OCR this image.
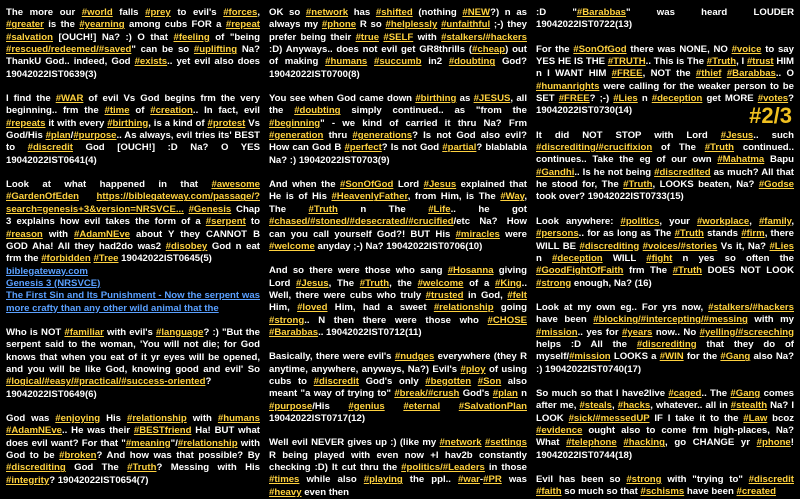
The more our #world falls #prey to evil's #forces, #greater is the #yearning among cubs FOR a #repeat #salvation [OUCH!] Na? :) O that #feeling of "being #rescued/redeemed/#saved" can be so #uplifting Na? ThankU God.. indeed, God #exists.. yet evil also does 19042022IST0639(3)

I find the #WAR of evil Vs God begins frm the very beginning.. frm the #time of #creation.. In fact, evil #repeats it with every #birthing, is a kind of #protest Vs God/His #plan/#purpose.. As always, evil tries its' BEST to #discredit God [OUCH!] :D Na? O YES 19042022IST0641(4)

Look at what happened in that #awesome #GardenOfEden https://biblegateway.com/passage/?search=genesis+3&version=NRSVCE... #Genesis Chap 3 explains how evil takes the form of a #serpent to #reason with #AdamNEve about Y they CANNOT B GOD Aha! All they had2do was2 #disobey God n eat frm the #forbidden #Tree 19042022IST0645(5)
biblegateway.com
Genesis 3 (NRSVCE)
The First Sin and Its Punishment - Now the serpent was more crafty than any other wild animal that the

Who is NOT #familiar with evil's #language? :) "But the serpent said to the woman, 'You will not die; for God knows that when you eat of it yr eyes will be opened, and you will be like God, knowing good and evil' So #logical/#easy/#practical/#success-oriented? 19042022IST0649(6)

God was #enjoying His #relationship with #humans #AdamNEve.. He was their #BESTfriend Ha! BUT what does evil want? For that "#meaning"/#relationship with God to be #broken? And how was that possible? By #discrediting God The #Truth? Messing with His #integrity? 19042022IST0654(7)

OK so #network has #shifted (nothing #NEW?) n as always my #phone R so #helplessly #unfaithful ;-) they prefer being their #true #SELF with #stalkers/#hackers :D) Anyways.. does not evil get GR8thrills (#cheap) out of making #humans #succumb in2 #doubting God? 19042022IST0700(8)

You see when God came down #birthing as #JESUS, all the #doubting simply continued.. as "from the #beginning" - we kind of carried it thru Na? Frm #generation thru #generations? Is not God also evil? How can God B #perfect? Is not God #partial? blablabla Na? :) 19042022IST0703(9)

And when the #SonOfGod Lord #Jesus explained that He is of His #HeavenlyFather, from Him, is The #Way, The #Truth n The #Life.. he got #chased/#stoned/#desecrated/#crucified/etc Na? How can you call yourself God?! BUT His #miracles were #welcome anyday ;-) Na? 19042022IST0706(10)

And so there were those who sang #Hosanna giving Lord #Jesus, The #Truth, the #welcome of a #King.. Well, there were cubs who truly #trusted in God, #felt Him, #loved Him, had a sweet #relationship going #strong.. N then there were those who #CHOSE #Barabbas.. 19042022IST0712(11)

Basically, there were evil's #nudges everywhere (they R anytime, anywhere, anyways, Na?) Evil's #ploy of using cubs to #discredit God's only #begotten #Son also meant "a way of trying to" #break/#crush God's #plan n #purpose/His #genius #eternal #SalvationPlan 19042022IST0717(12)

Well evil NEVER gives up :) (like my #network #settings R being played with even now +I hav2b constantly checking :D) It cut thru the #politics/#Leaders in those #times while also #playing the ppl.. #war-#PR was #heavy even then

:D "#Barabbas" was heard LOUDER 19042022IST0722(13)

For the #SonOfGod there was NONE, NO #voice to say YES HE IS THE #TRUTH.. This is The #Truth, I #trust HIM n I WANT HIM #FREE, NOT the #thief #Barabbas.. O #humanrights were calling for the weaker person to be SET #FREE? ;-) #Lies n #deception get MORE #votes? 19042022IST0730(14)

It did NOT STOP with Lord #Jesus.. such #discrediting/#crucifixion of The #Truth continued.. continues.. Take the eg of our own #Mahatma Bapu #Gandhi.. Is he not being #discredited as much? All that he stood for, The #Truth, LOOKS beaten, Na? #Godse took over? 19042022IST0733(15)

Look anywhere: #politics, your #workplace, #family, #persons.. for as long as The #Truth stands #firm, there WILL BE #discrediting #voices/#stories Vs it, Na? #Lies n #deception WILL #fight n yes so often the #GoodFightOfFaith frm The #Truth DOES NOT LOOK #strong enough, Na? (16)

Look at my own eg.. For yrs now, #stalkers/#hackers have been #blocking/#intercepting/#messing with my #mission.. yes for #years now.. No #yelling/#screeching helps :D All the #discrediting that they do of myself/#mission LOOKS a #WIN for the #Gang also Na? :) 19042022IST0740(17)

So much so that I have2live #caged.. The #Gang comes after me, #steals, #hacks, whatever.. all in #stealth Na? I LOOK #sick/#messedUP IF I take it to the #Law bcoz #evidence ought also to come frm high-places, Na? What #telephone #hacking, go CHANGE yr #phone! 19042022IST0744(18)

Evil has been so #strong with "trying to" #discredit #faith so much so that #schisms have been #created

#2/3
